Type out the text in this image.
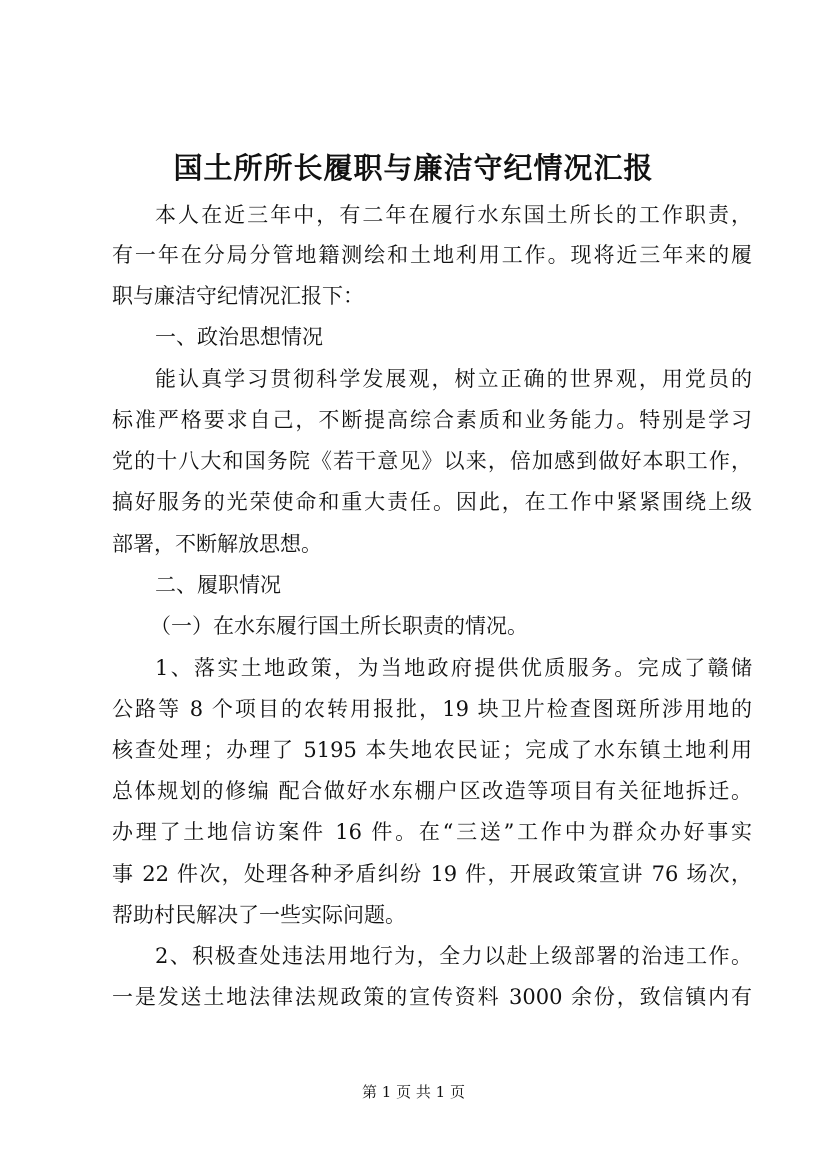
国土所所长履职与廉洁守纪情况汇报
本人在近三年中，有二年在履行水东国土所长的工作职责，
有一年在分局分管地籍测绘和土地利用工作。现将近三年来的履
职与廉洁守纪情况汇报下：
一、政治思想情况
能认真学习贯彻科学发展观，树立正确的世界观，用党员的
标准严格要求自己，不断提高综合素质和业务能力。特别是学习
党的十八大和国务院《若干意见》以来，倍加感到做好本职工作，
搞好服务的光荣使命和重大责任。因此，在工作中紧紧围绕上级
部署，不断解放思想。
二、履职情况
（一）在水东履行国土所长职责的情况。
1、落实土地政策，为当地政府提供优质服务。完成了赣储
公路等 8 个项目的农转用报批，19 块卫片检查图斑所涉用地的
核查处理；办理了 5195 本失地农民证；完成了水东镇土地利用
总体规划的修编 配合做好水东棚户区改造等项目有关征地拆迁。
办理了土地信访案件 16 件。在“三送”工作中为群众办好事实
事 22 件次，处理各种矛盾纠纷 19 件，开展政策宣讲 76 场次，
帮助村民解决了一些实际问题。
2、积极查处违法用地行为，全力以赴上级部署的治违工作。
一是发送土地法律法规政策的宣传资料 3000 余份，致信镇内有
第 1 页 共 1 页
